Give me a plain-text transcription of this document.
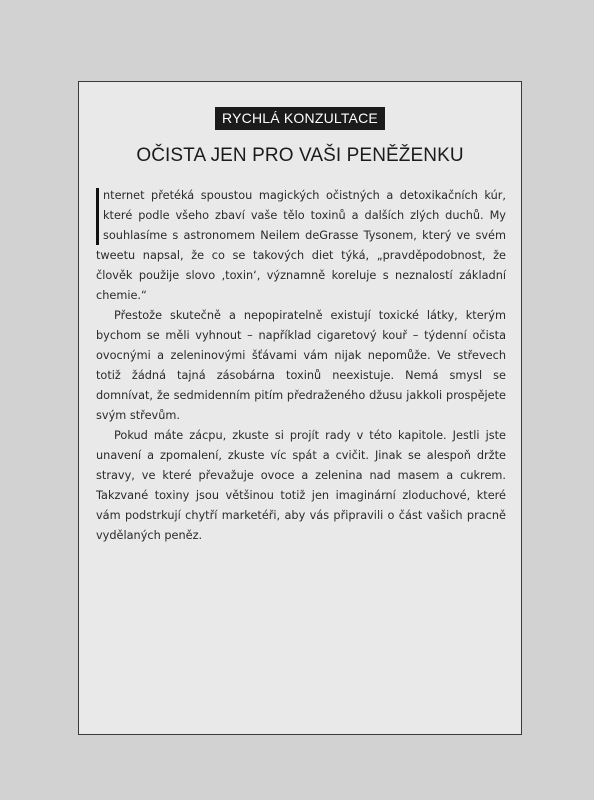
RYCHLÁ KONZULTACE
OČISTA JEN PRO VAŠI PENĚŽENKU

nternet přetéká spoustou magických očistných a detoxikačních kúr, které podle všeho zbaví vaše tělo toxinů a dalších zlých duchů. My souhlasíme s astronomem Neilem deGrasse Tysonem, který ve svém tweetu napsal, že co se takových diet týká, „pravděpodobnost, že člověk použije slovo ‚toxin‘, významně koreluje s neznalostí základní chemie.“

Přestože skutečně a nepopiratelně existují toxické látky, kterým bychom se měli vyhnout – například cigaretový kouř – týdenní očista ovocnými a zeleninovými šťávami vám nijak nepomůže. Ve střevech totiž žádná tajná zásobárna toxinů neexistuje. Nemá smysl se domnívat, že sedmidenním pitím předraženého džusu jakkoli prospějete svým střevům.

Pokud máte zácpu, zkuste si projít rady v této kapitole. Jestli jste unavení a zpomalení, zkuste víc spát a cvičit. Jinak se alespoň držte stravy, ve které převažuje ovoce a zelenina nad masem a cukrem. Takzvané toxiny jsou většinou totiž jen imaginární zloduchové, které vám podstrkují chytří marketéři, aby vás připravili o část vašich pracně vydělaných peněz.
